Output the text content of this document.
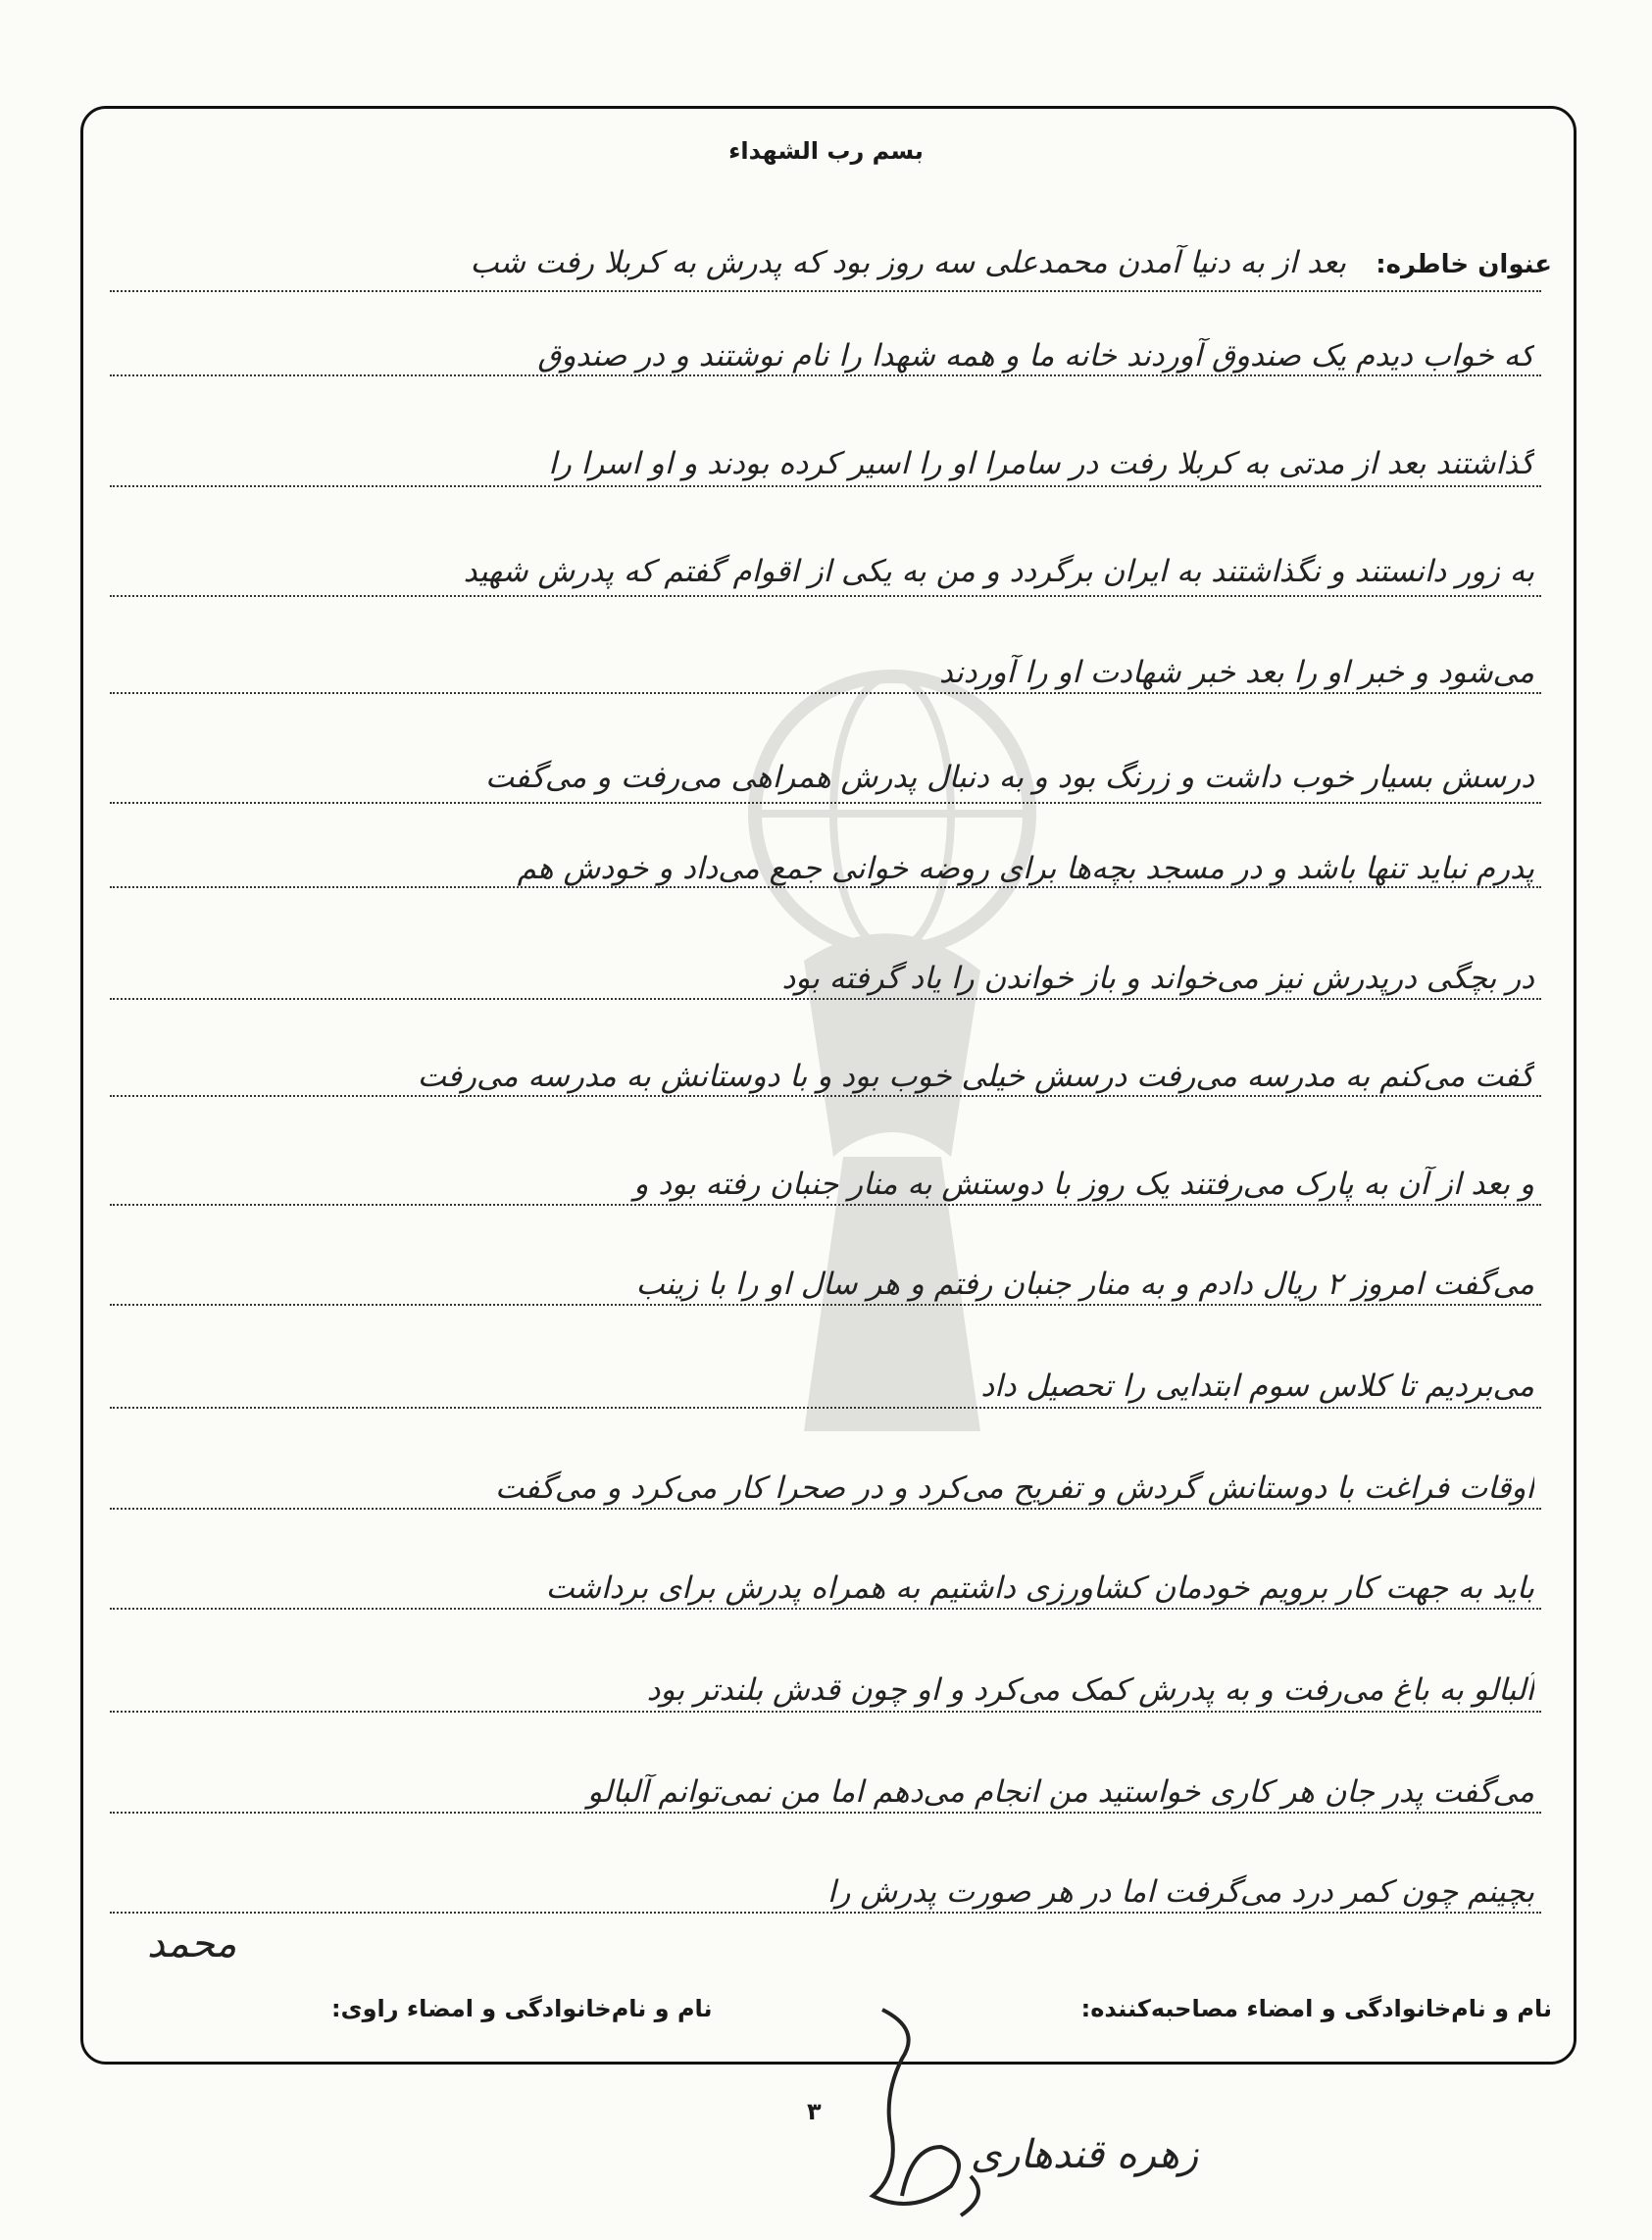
بسم رب الشهداء
عنوان خاطره:
بعد از به دنیا آمدن محمدعلی سه روز بود که پدرش به کربلا رفت شب
که خواب دیدم یک صندوق آوردند خانه ما و همه شهدا را نام نوشتند و در صندوق
گذاشتند بعد از مدتی به کربلا رفت در سامرا او را اسیر کرده بودند و او اسرا را
به زور دانستند و نگذاشتند به ایران برگردد و من به یکی از اقوام گفتم که پدرش شهید
می‌شود و خبر او را بعد خبر شهادت او را آوردند
درسش بسیار خوب داشت و زرنگ بود و به دنبال پدرش همراهی می‌رفت و می‌گفت
پدرم نباید تنها باشد و در مسجد بچه‌ها برای روضه خوانی جمع می‌داد و خودش هم
در بچگی درپدرش نیز می‌خواند و باز خواندن را یاد گرفته بود
گفت می‌کنم به مدرسه می‌رفت درسش خیلی خوب بود و با دوستانش به مدرسه می‌رفت
و بعد از آن به پارک می‌رفتند یک روز با دوستش به منار جنبان رفته بود و
می‌گفت امروز ۲ ریال دادم و به منار جنبان رفتم و هر سال او را با زینب
می‌بردیم تا کلاس سوم ابتدایی را تحصیل داد
اوقات فراغت با دوستانش گردش و تفریح می‌کرد و در صحرا کار می‌کرد و می‌گفت
باید به جهت کار برویم خودمان کشاورزی داشتیم به همراه پدرش برای برداشت
آلبالو به باغ می‌رفت و به پدرش کمک می‌کرد و او چون قدش بلندتر بود
می‌گفت پدر جان هر کاری خواستید من انجام می‌دهم اما من نمی‌توانم آلبالو
بچینم چون کمر درد می‌گرفت اما در هر صورت پدرش را
نام و نام‌خانوادگی و امضاء مصاحبه‌کننده:
نام و نام‌خانوادگی و امضاء راوی:
محمد
زهره قندهاری
۳
